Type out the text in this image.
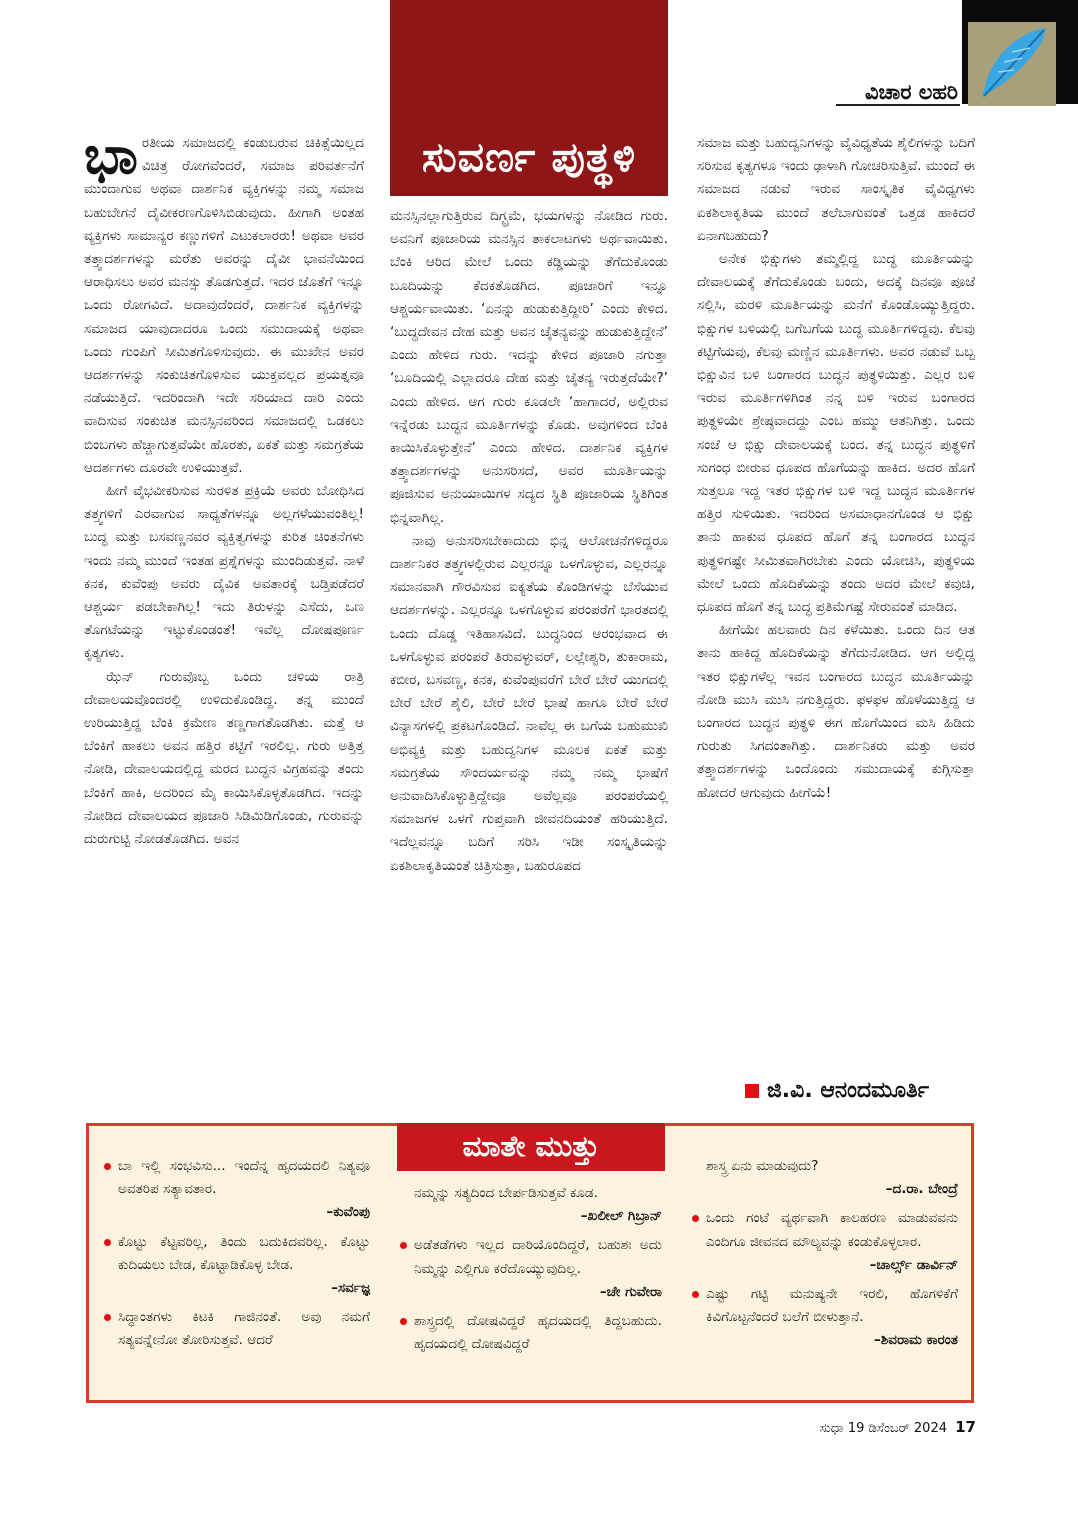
ವಿಚಾರ ಲಹರಿ
ಸುವರ್ಣ ಪುತ್ಥಳಿ

ಭಾರತೀಯ ಸಮಾಜದಲ್ಲಿ ಕಂಡುಬರುವ ಚಿಕಿತ್ಸೆಯಿಲ್ಲದ ವಿಚಿತ್ರ ರೋಗವೆಂದರೆ, ಸಮಾಜ ಪರಿವರ್ತನೆಗೆ ಮುಂದಾಗುವ ಅಥವಾ ದಾರ್ಶನಿಕ ವ್ಯಕ್ತಿಗಳನ್ನು ನಮ್ಮ ಸಮಾಜ ಬಹುಬೇಗನೆ ದೈವೀಕರಣಗೊಳಿಸಿಬಿಡುವುದು. ಹೀಗಾಗಿ ಅಂತಹ ವ್ಯಕ್ತಿಗಳು ಸಾಮಾನ್ಯರ ಕಣ್ಣುಗಳಿಗೆ ಎಟುಕಲಾರರು! ಅಥವಾ ಅವರ ತತ್ತ್ವಾದರ್ಶಗಳನ್ನು ಮರೆತು ಅವರನ್ನು ದೈವೀ ಭಾವನೆಯಿಂದ ಆರಾಧಿಸಲು ಅವರ ಮನಸ್ಸು ತೊಡಗುತ್ತದೆ. ಇದರ ಜೊತೆಗೆ ಇನ್ನೂ ಒಂದು ರೋಗವಿದೆ. ಅದಾವುದೆಂದರೆ, ದಾರ್ಶನಿಕ ವ್ಯಕ್ತಿಗಳನ್ನು ಸಮಾಜದ ಯಾವುದಾದರೂ ಒಂದು ಸಮುದಾಯಕ್ಕೆ ಅಥವಾ ಒಂದು ಗುಂಪಿಗೆ ಸೀಮಿತಗೊಳಿಸುವುದು. ಈ ಮುಖೇನ ಅವರ ಆದರ್ಶಗಳನ್ನು ಸಂಕುಚಿತಗೊಳಿಸುವ ಯುಕ್ತವಲ್ಲದ ಪ್ರಯತ್ನವೂ ನಡೆಯುತ್ತಿದೆ. ಇದರಿಂದಾಗಿ ಇದೇ ಸರಿಯಾದ ದಾರಿ ಎಂದು ವಾದಿಸುವ ಸಂಕುಚಿತ ಮನಸ್ಸಿನವರಿಂದ ಸಮಾಜದಲ್ಲಿ ಒಡಕಲು ಬಿಂಬಗಳು ಹೆಚ್ಚಾಗುತ್ತವೆಯೇ ಹೊರತು, ಏಕತೆ ಮತ್ತು ಸಮಗ್ರತೆಯ ಆದರ್ಶಗಳು ದೂರವೇ ಉಳಿಯುತ್ತವೆ.

ಹೀಗೆ ವೈಭವೀಕರಿಸುವ ಸುರಳಿತ ಪ್ರಕ್ರಿಯೆ ಅವರು ಬೋಧಿಸಿದ ತತ್ತ್ವಗಳಿಗೆ ಎರವಾಗುವ ಸಾಧ್ಯತೆಗಳನ್ನೂ ಅಲ್ಲಗಳೆಯುವಂತಿಲ್ಲ! ಬುದ್ಧ ಮತ್ತು ಬಸವಣ್ಣನವರ ವ್ಯಕ್ತಿತ್ವಗಳನ್ನು ಕುರಿತ ಚಿಂತನೆಗಳು ಇಂದು ನಮ್ಮ ಮುಂದೆ ಇಂತಹ ಪ್ರಶ್ನೆಗಳನ್ನು ಮುಂದಿಡುತ್ತವೆ. ನಾಳೆ ಕನಕ, ಕುವೆಂಪು ಅವರು ದೈವಿಕ ಅವತಾರಕ್ಕೆ ಬಡ್ತಿಪಡೆದರೆ ಆಶ್ಚರ್ಯ ಪಡಬೇಕಾಗಿಲ್ಲ! ಇದು ತಿರುಳನ್ನು ಎಸೆದು, ಒಣ ತೊಗಟೆಯನ್ನು ಇಟ್ಟುಕೊಂಡಂತೆ! ಇವೆಲ್ಲ ದೋಷಪೂರ್ಣ ಕೃತ್ಯಗಳು.

ಝೆನ್ ಗುರುವೊಬ್ಬ ಒಂದು ಚಳಿಯ ರಾತ್ರಿ ದೇವಾಲಯವೊಂದರಲ್ಲಿ ಉಳಿದುಕೊಂಡಿದ್ದ. ತನ್ನ ಮುಂದೆ ಉರಿಯುತ್ತಿದ್ದ ಬೆಂಕಿ ಕ್ರಮೇಣ ತಣ್ಣಗಾಗತೊಡಗಿತು. ಮತ್ತೆ ಆ ಬೆಂಕಿಗೆ ಹಾಕಲು ಅವನ ಹತ್ತಿರ ಕಟ್ಟಿಗೆ ಇರಲಿಲ್ಲ. ಗುರು ಅತ್ತಿತ್ತ ನೋಡಿ, ದೇವಾಲಯದಲ್ಲಿದ್ದ ಮರದ ಬುದ್ಧನ ವಿಗ್ರಹವನ್ನು ತಂದು ಬೆಂಕಿಗೆ ಹಾಕಿ, ಅದರಿಂದ ಮೈ ಕಾಯಿಸಿಕೊಳ್ಳತೊಡಗಿದ. ಇದನ್ನು ನೋಡಿದ ದೇವಾಲಯದ ಪೂಜಾರಿ ಸಿಡಿಮಿಡಿಗೊಂಡು, ಗುರುವನ್ನು ದುರುಗುಟ್ಟಿ ನೋಡತೊಡಗಿದ. ಅವನ

ಮನಸ್ಸಿನಲ್ಲಾಗುತ್ತಿರುವ ದಿಗ್ಭ್ರಮೆ, ಭಯಗಳನ್ನು ನೋಡಿದ ಗುರು. ಅವನಿಗೆ ಪೂಜಾರಿಯ ಮನಸ್ಸಿನ ತಾಕಲಾಟಗಳು ಅರ್ಥವಾಯಿತು. ಬೆಂಕಿ ಆರಿದ ಮೇಲೆ ಒಂದು ಕಡ್ಡಿಯನ್ನು ತೆಗೆದುಕೊಂಡು ಬೂದಿಯನ್ನು ಕೆದಕತೊಡಗಿದ. ಪೂಜಾರಿಗೆ ಇನ್ನೂ ಆಶ್ಚರ್ಯವಾಯಿತು. ‘ಏನನ್ನು ಹುಡುಕುತ್ತಿದ್ದೀರಿ’ ಎಂದು ಕೇಳಿದ. ‘ಬುದ್ಧದೇವನ ದೇಹ ಮತ್ತು ಅವನ ಚೈತನ್ಯವನ್ನು ಹುಡುಕುತ್ತಿದ್ದೇನೆ’ ಎಂದು ಹೇಳಿದ ಗುರು. ಇದನ್ನು ಕೇಳಿದ ಪೂಜಾರಿ ನಗುತ್ತಾ ‘ಬೂದಿಯಲ್ಲಿ ಎಲ್ಲಾದರೂ ದೇಹ ಮತ್ತು ಚೈತನ್ಯ ಇರುತ್ತದೆಯೇ?’ ಎಂದು ಹೇಳಿದ. ಆಗ ಗುರು ಕೂಡಲೇ ‘ಹಾಗಾದರೆ, ಅಲ್ಲಿರುವ ಇನ್ನೆರಡು ಬುದ್ಧನ ಮೂರ್ತಿಗಳನ್ನು ಕೊಡು. ಅವುಗಳಿಂದ ಬೆಂಕಿ ಕಾಯಿಸಿಕೊಳ್ಳುತ್ತೇನೆ’ ಎಂದು ಹೇಳಿದ. ದಾರ್ಶನಿಕ ವ್ಯಕ್ತಿಗಳ ತತ್ತ್ವಾದರ್ಶಗಳನ್ನು ಅನುಸರಿಸದೆ, ಅವರ ಮೂರ್ತಿಯನ್ನು ಪೂಜಿಸುವ ಅನುಯಾಯಿಗಳ ಸದ್ಯದ ಸ್ಥಿತಿ ಪೂಜಾರಿಯ ಸ್ಥಿತಿಗಿಂತ ಭಿನ್ನವಾಗಿಲ್ಲ.

ನಾವು ಅನುಸರಿಸಬೇಕಾದುದು ಭಿನ್ನ ಆಲೋಚನೆಗಳಿದ್ದರೂ ದಾರ್ಶನಿಕರ ತತ್ತ್ವಗಳಲ್ಲಿರುವ ಎಲ್ಲರನ್ನೂ ಒಳಗೊಳ್ಳುವ, ಎಲ್ಲರನ್ನೂ ಸಮಾನವಾಗಿ ಗೌರವಿಸುವ ಐಕ್ಯತೆಯ ಕೊಂಡಿಗಳನ್ನು ಬೆಸೆಯುವ ಆದರ್ಶಗಳನ್ನು. ಎಲ್ಲರನ್ನೂ ಒಳಗೊಳ್ಳುವ ಪರಂಪರೆಗೆ ಭಾರತದಲ್ಲಿ ಒಂದು ದೊಡ್ಡ ಇತಿಹಾಸವಿದೆ. ಬುದ್ಧನಿಂದ ಆರಂಭವಾದ ಈ ಒಳಗೊಳ್ಳುವ ಪರಂಪರೆ ತಿರುವಳ್ಳುವರ್, ಲಲ್ಲೇಶ್ವರಿ, ತುಕಾರಾಮ, ಕಬೀರ, ಬಸವಣ್ಣ, ಕನಕ, ಕುವೆಂಪುವರೆಗೆ ಬೇರೆ ಬೇರೆ ಯುಗದಲ್ಲಿ ಬೇರೆ ಬೇರೆ ಶೈಲಿ, ಬೇರೆ ಬೇರೆ ಭಾಷೆ ಹಾಗೂ ಬೇರೆ ಬೇರೆ ವಿನ್ಯಾಸಗಳಲ್ಲಿ ಪ್ರಕಟಗೊಂಡಿದೆ. ನಾವೆಲ್ಲ ಈ ಬಗೆಯ ಬಹುಮುಖಿ ಅಭಿವ್ಯಕ್ತಿ ಮತ್ತು ಬಹುದ್ವನಿಗಳ ಮೂಲಕ ಏಕತೆ ಮತ್ತು ಸಮಗ್ರತೆಯ ಸೌಂದರ್ಯವನ್ನು ನಮ್ಮ ನಮ್ಮ ಭಾಷೆಗೆ ಅನುವಾದಿಸಿಕೊಳ್ಳುತ್ತಿದ್ದೇವೂ ಅವೆಲ್ಲವೂ ಪರಂಪರೆಯಲ್ಲಿ ಸಮಾಜಗಳ ಒಳಗೆ ಗುಪ್ತವಾಗಿ ಜೀವನದಿಯಂತೆ ಹರಿಯುತ್ತಿದೆ. ಇದೆಲ್ಲವನ್ನೂ ಬದಿಗೆ ಸರಿಸಿ ಇಡೀ ಸಂಸ್ಕೃತಿಯನ್ನು ಏಕಶಿಲಾಕೃತಿಯಂತೆ ಚಿತ್ರಿಸುತ್ತಾ, ಬಹುರೂಪದ

ಸಮಾಜ ಮತ್ತು ಬಹುದ್ವನಿಗಳನ್ನು ವೈವಿಧ್ಯತೆಯ ಶೈಲಿಗಳನ್ನು ಬದಿಗೆ ಸರಿಸುವ ಕೃತ್ಯಗಳೂ ಇಂದು ಢಾಳಾಗಿ ಗೋಚರಿಸುತ್ತಿವೆ. ಮುಂದೆ ಈ ಸಮಾಜದ ನಡುವೆ ಇರುವ ಸಾಂಸ್ಕೃತಿಕ ವೈವಿಧ್ಯಗಳು ಏಕಶಿಲಾಕೃತಿಯ ಮುಂದೆ ತಲೆಬಾಗುವಂತೆ ಒತ್ತಡ ಹಾಕಿದರೆ ಏನಾಗಬಹುದು?

ಅನೇಕ ಭಿಕ್ಷುಗಳು ತಮ್ಮಲ್ಲಿದ್ದ ಬುದ್ಧ ಮೂರ್ತಿಯನ್ನು ದೇವಾಲಯಕ್ಕೆ ತೆಗೆದುಕೊಂಡು ಬಂದು, ಅದಕ್ಕೆ ದಿನವೂ ಪೂಜೆ ಸಲ್ಲಿಸಿ, ಮರಳಿ ಮೂರ್ತಿಯನ್ನು ಮನೆಗೆ ಕೊಂಡೊಯ್ಯುತ್ತಿದ್ದರು. ಭಿಕ್ಷುಗಳ ಬಳಿಯಲ್ಲಿ ಬಗೆಬಗೆಯ ಬುದ್ಧ ಮೂರ್ತಿಗಳಿದ್ದವು. ಕೆಲವು ಕಟ್ಟಿಗೆಯವು, ಕೆಲವು ಮಣ್ಣಿನ ಮೂರ್ತಿಗಳು. ಅವರ ನಡುವೆ ಒಬ್ಬ ಭಿಕ್ಷುವಿನ ಬಳಿ ಬಂಗಾರದ ಬುದ್ಧನ ಪುತ್ಥಳಿಯಿತ್ತು. ಎಲ್ಲರ ಬಳಿ ಇರುವ ಮೂರ್ತಿಗಳಿಗಿಂತ ನನ್ನ ಬಳಿ ಇರುವ ಬಂಗಾರದ ಪುತ್ಥಳಿಯೇ ಶ್ರೇಷ್ಠವಾದದ್ದು ಎಂಬ ಹಮ್ಮು ಆತನಿಗಿತ್ತು. ಒಂದು ಸಂಜೆ ಆ ಭಿಕ್ಷು ದೇವಾಲಯಕ್ಕೆ ಬಂದ. ತನ್ನ ಬುದ್ಧನ ಪುತ್ಥಳಿಗೆ ಸುಗಂಧ ಬೀರುವ ಧೂಪದ ಹೊಗೆಯನ್ನು ಹಾಕಿದ. ಅದರ ಹೊಗೆ ಸುತ್ತಲೂ ಇದ್ದ ಇತರ ಭಿಕ್ಷುಗಳ ಬಳಿ ಇದ್ದ ಬುದ್ಧನ ಮೂರ್ತಿಗಳ ಹತ್ತಿರ ಸುಳಿಯಿತು. ಇದರಿಂದ ಅಸಮಾಧಾನಗೊಂಡ ಆ ಭಿಕ್ಷು ತಾನು ಹಾಕುವ ಧೂಪದ ಹೊಗೆ ತನ್ನ ಬಂಗಾರದ ಬುದ್ಧನ ಪುತ್ಥಳಿಗಷ್ಟೇ ಸೀಮಿತವಾಗಿರಬೇಕು ಎಂದು ಯೋಚಿಸಿ, ಪುತ್ಥಳಿಯ ಮೇಲೆ ಒಂದು ಹೊದಿಕೆಯನ್ನು ತಂದು ಅದರ ಮೇಲೆ ಕವುಚಿ, ಧೂಪದ ಹೊಗೆ ತನ್ನ ಬುದ್ಧ ಪ್ರತಿಮೆಗಷ್ಟೆ ಸೇರುವಂತೆ ಮಾಡಿದ.

ಹೀಗೆಯೇ ಹಲವಾರು ದಿನ ಕಳೆಯಿತು. ಒಂದು ದಿನ ಆತ ತಾನು ಹಾಕಿದ್ದ ಹೊದಿಕೆಯನ್ನು ತೆಗೆದುನೋಡಿದ. ಆಗ ಅಲ್ಲಿದ್ದ ಇತರ ಭಿಕ್ಷುಗಳೆಲ್ಲ ಇವನ ಬಂಗಾರದ ಬುದ್ಧನ ಮೂರ್ತಿಯನ್ನು ನೋಡಿ ಮುಸಿ ಮುಸಿ ನಗುತ್ತಿದ್ದರು. ಫಳಫಳ ಹೊಳೆಯುತ್ತಿದ್ದ ಆ ಬಂಗಾರದ ಬುದ್ಧನ ಪುತ್ಥಳಿ ಈಗ ಹೊಗೆಯಿಂದ ಮಸಿ ಹಿಡಿದು ಗುರುತು ಸಿಗದಂತಾಗಿತ್ತು. ದಾರ್ಶನಿಕರು ಮತ್ತು ಅವರ ತತ್ತ್ವಾದರ್ಶಗಳನ್ನು ಒಂದೊಂದು ಸಮುದಾಯಕ್ಕೆ ಕುಗ್ಗಿಸುತ್ತಾ ಹೋದರೆ ಆಗುವುದು ಹೀಗೆಯೆ!

ಜಿ.ವಿ. ಆನಂದಮೂರ್ತಿ
ಮಾತೇ ಮುತ್ತು
ಬಾ ಇಲ್ಲಿ ಸಂಭವಿಸು... ಇಂದೆನ್ನ ಹೃದಯದಲಿ ನಿತ್ಯವೂ ಅವತರಿಪ ಸತ್ಯಾವತಾರ.
–ಕುವೆಂಪು
ಕೊಟ್ಟು ಕೆಟ್ಟವರಿಲ್ಲ, ತಿಂದು ಬದುಕಿದವರಿಲ್ಲ. ಕೊಟ್ಟು ಕುದಿಯಲು ಬೇಡ, ಕೊಟ್ಟಾಡಿಕೊಳ್ಳ ಬೇಡ.
–ಸರ್ವಜ್ಞ
ಸಿದ್ಧಾಂತಗಳು ಕಿಟಕಿ ಗಾಜಿನಂತೆ. ಅವು ನಮಗೆ ಸತ್ಯವನ್ನೇನೋ ತೋರಿಸುತ್ತವೆ. ಆದರೆ
ನಮ್ಮನ್ನು ಸತ್ಯದಿಂದ ಬೇರ್ಪಡಿಸುತ್ತವೆ ಕೂಡ.
–ಖಲೀಲ್ ಗಿಬ್ರಾನ್
ಅಡೆತಡೆಗಳು ಇಲ್ಲದ ದಾರಿಯೊಂದಿದ್ದರೆ, ಬಹುಶಃ ಅದು ನಿಮ್ಮನ್ನು ಎಲ್ಲಿಗೂ ಕರೆದೊಯ್ಯುವುದಿಲ್ಲ.
–ಚೇ ಗುವೇರಾ
ಶಾಸ್ತ್ರದಲ್ಲಿ ದೋಷವಿದ್ದರೆ ಹೃದಯದಲ್ಲಿ ತಿದ್ದಬಹುದು. ಹೃದಯದಲ್ಲಿ ದೋಷವಿದ್ದರೆ
ಶಾಸ್ತ್ರ ಏನು ಮಾಡುವುದು?
–ದ.ರಾ. ಬೇಂದ್ರೆ
ಒಂದು ಗಂಟೆ ವ್ಯರ್ಥವಾಗಿ ಕಾಲಹರಣ ಮಾಡುವವನು ಎಂದಿಗೂ ಜೀವನದ ಮೌಲ್ಯವನ್ನು ಕಂಡುಕೊಳ್ಳಲಾರ.
–ಚಾರ್ಲ್ಸ್ ಡಾರ್ವಿನ್
ಎಷ್ಟು ಗಟ್ಟಿ ಮನುಷ್ಯನೇ ಇರಲಿ, ಹೊಗಳಿಕೆಗೆ ಕಿವಿಗೊಟ್ಟನೆಂದರೆ ಬಲೆಗೆ ಬೀಳುತ್ತಾನೆ.
–ಶಿವರಾಮ ಕಾರಂತ
ಸುಧಾ 19 ಡಿಸೆಂಬರ್ 2024 17
